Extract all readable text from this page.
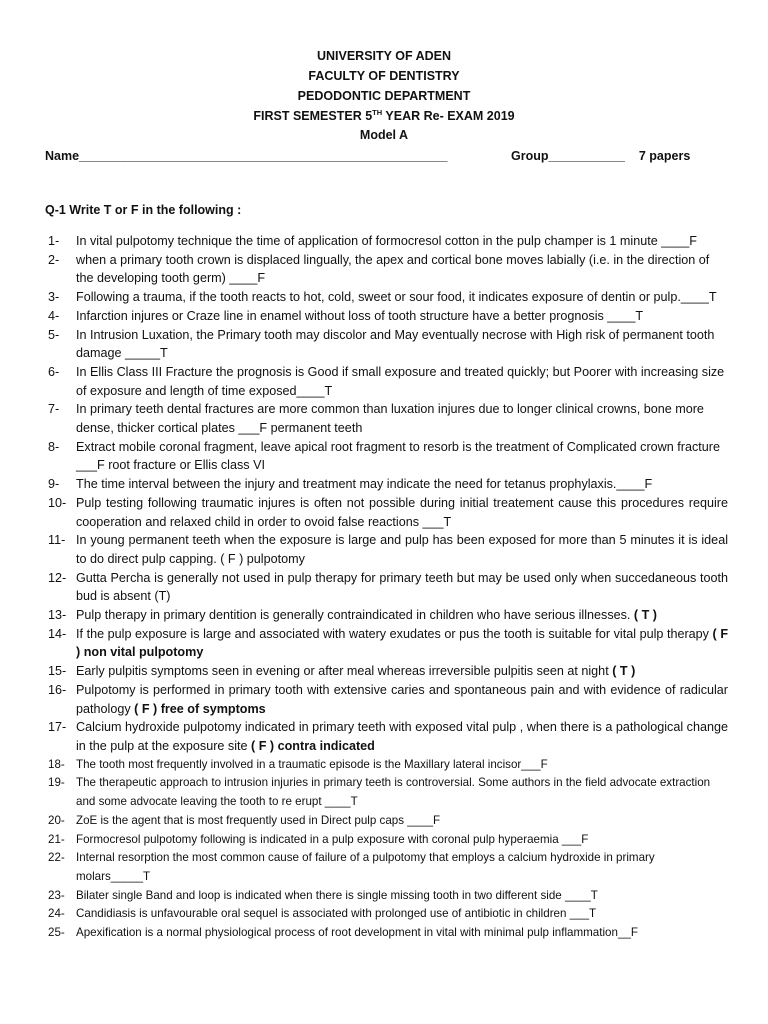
UNIVERSITY OF ADEN
FACULTY OF DENTISTRY
PEDODONTIC DEPARTMENT
FIRST SEMESTER 5TH YEAR Re- EXAM 2019
Model A
Name_____________________________________________________	Group___________ 7 papers
Q-1 Write T or F in the following :
1-	In vital pulpotomy technique the time of application of formocresol cotton in the pulp champer is 1 minute ____F
2-	when a primary tooth crown is displaced lingually, the apex and cortical bone moves labially (i.e. in the direction of the developing tooth germ) ____F
3-	Following a trauma, if the tooth reacts to hot, cold, sweet or sour food, it indicates exposure of dentin or pulp.____T
4-	Infarction injures or Craze line in enamel without loss of tooth structure have a better prognosis ____T
5-	In Intrusion Luxation, the Primary tooth may discolor and May eventually necrose with High risk of permanent tooth damage _____T
6-	In Ellis Class III Fracture the prognosis is Good if small exposure and treated quickly; but Poorer with increasing size of exposure and length of time exposed____T
7-	In primary teeth dental fractures are more common than luxation injures due to longer clinical crowns, bone more dense, thicker cortical plates ___F permanent teeth
8-	Extract mobile coronal fragment, leave apical root fragment to resorb is the treatment of Complicated crown fracture ___F root fracture or Ellis class VI
9-	The time interval between the injury and treatment may indicate the need for tetanus prophylaxis.____F
10- Pulp testing following traumatic injures is often not possible during initial treatement cause this procedures require cooperation and relaxed child in order to ovoid false reactions ___T
11- In young permanent teeth when the exposure is large and pulp has been exposed for more than 5 minutes it is ideal to do direct pulp capping. ( F ) pulpotomy
12- Gutta Percha is generally not used in pulp therapy for primary teeth but may be used only when succedaneous tooth bud is absent (T)
13- Pulp therapy in primary dentition is generally contraindicated in children who have serious illnesses. ( T )
14- If the pulp exposure is large and associated with watery exudates or pus the tooth is suitable for vital pulp therapy ( F ) non vital pulpotomy
15- Early pulpitis symptoms seen in evening or after meal whereas irreversible pulpitis seen at night ( T )
16- Pulpotomy is performed in primary tooth with extensive caries and spontaneous pain and with evidence of radicular pathology ( F ) free of symptoms
17- Calcium hydroxide pulpotomy indicated in primary teeth with exposed vital pulp , when there is a pathological change in the pulp at the exposure site ( F ) contra indicated
18- The tooth most frequently involved in a traumatic episode is the Maxillary lateral incisor___F
19- The therapeutic approach to intrusion injuries in primary teeth is controversial. Some authors in the field advocate extraction and some advocate leaving the tooth to re erupt ____T
20- ZoE is the agent that is most frequently used in Direct pulp caps ____F
21- Formocresol pulpotomy following is indicated in a pulp exposure with coronal pulp hyperaemia ___F
22- Internal resorption the most common cause of failure of a pulpotomy that employs a calcium hydroxide in primary molars_____T
23- Bilater single Band and loop is indicated when there is single missing tooth in two different side ____T
24- Candidiasis is unfavourable oral sequel is associated with prolonged use of antibiotic in children ___T
25- Apexification is a normal physiological process of root development in vital with minimal pulp inflammation__F
